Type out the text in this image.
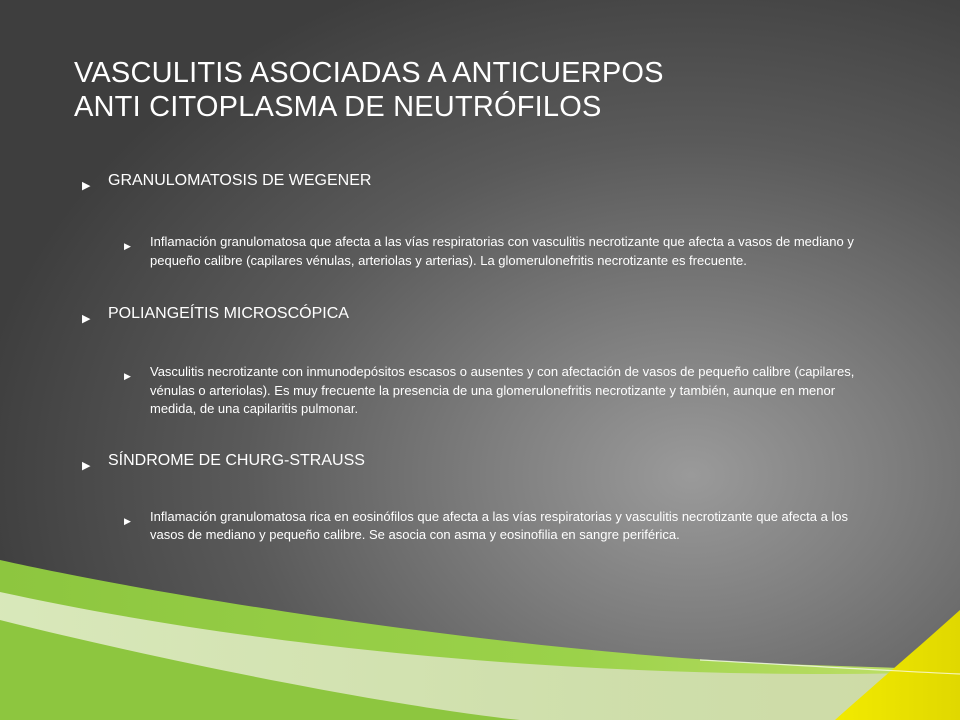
VASCULITIS ASOCIADAS A ANTICUERPOS
ANTI CITOPLASMA DE NEUTRÓFILOS

▶ GRANULOMATOSIS DE WEGENER

▶ Inflamación granulomatosa que afecta a las vías respiratorias con vasculitis necrotizante que afecta a vasos de mediano y pequeño calibre (capilares vénulas, arteriolas y arterias). La glomerulonefritis necrotizante es frecuente.

▶ POLIANGEÍTIS MICROSCÓPICA

▶ Vasculitis necrotizante con inmunodepósitos escasos o ausentes y con afectación de vasos de pequeño calibre (capilares, vénulas o arteriolas). Es muy frecuente la presencia de una glomerulonefritis necrotizante y también, aunque en menor medida, de una capilaritis pulmonar.

▶ SÍNDROME DE CHURG-STRAUSS

▶ Inflamación granulomatosa rica en eosinófilos que afecta a las vías respiratorias y vasculitis necrotizante que afecta a los vasos de mediano y pequeño calibre. Se asocia con asma y eosinofilia en sangre periférica.
